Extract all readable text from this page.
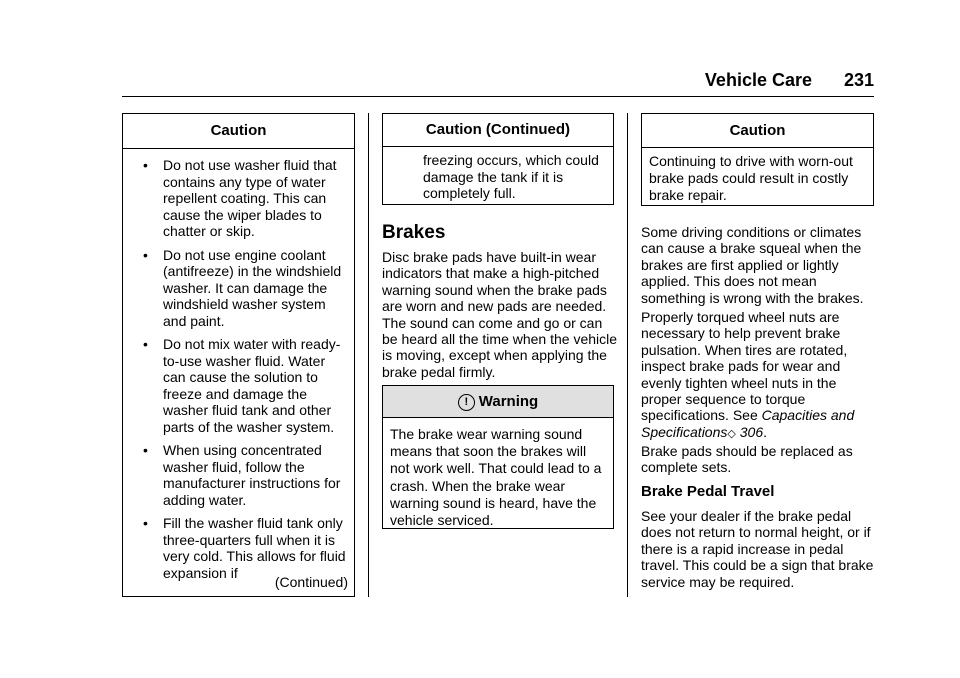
Vehicle Care 231
Caution
• Do not use washer fluid that contains any type of water repellent coating. This can cause the wiper blades to chatter or skip.
• Do not use engine coolant (antifreeze) in the windshield washer. It can damage the windshield washer system and paint.
• Do not mix water with ready-to-use washer fluid. Water can cause the solution to freeze and damage the washer fluid tank and other parts of the washer system.
• When using concentrated washer fluid, follow the manufacturer instructions for adding water.
• Fill the washer fluid tank only three-quarters full when it is very cold. This allows for fluid expansion if
(Continued)
Caution (Continued)
freezing occurs, which could damage the tank if it is completely full.
Brakes

Disc brake pads have built-in wear indicators that make a high-pitched warning sound when the brake pads are worn and new pads are needed. The sound can come and go or can be heard all the time when the vehicle is moving, except when applying the brake pedal firmly.

! Warning
The brake wear warning sound means that soon the brakes will not work well. That could lead to a crash. When the brake wear warning sound is heard, have the vehicle serviced.
Caution
Continuing to drive with worn-out brake pads could result in costly brake repair.

Some driving conditions or climates can cause a brake squeal when the brakes are first applied or lightly applied. This does not mean something is wrong with the brakes.

Properly torqued wheel nuts are necessary to help prevent brake pulsation. When tires are rotated, inspect brake pads for wear and evenly tighten wheel nuts in the proper sequence to torque specifications. See Capacities and Specifications◇ 306.

Brake pads should be replaced as complete sets.

Brake Pedal Travel

See your dealer if the brake pedal does not return to normal height, or if there is a rapid increase in pedal travel. This could be a sign that brake service may be required.
